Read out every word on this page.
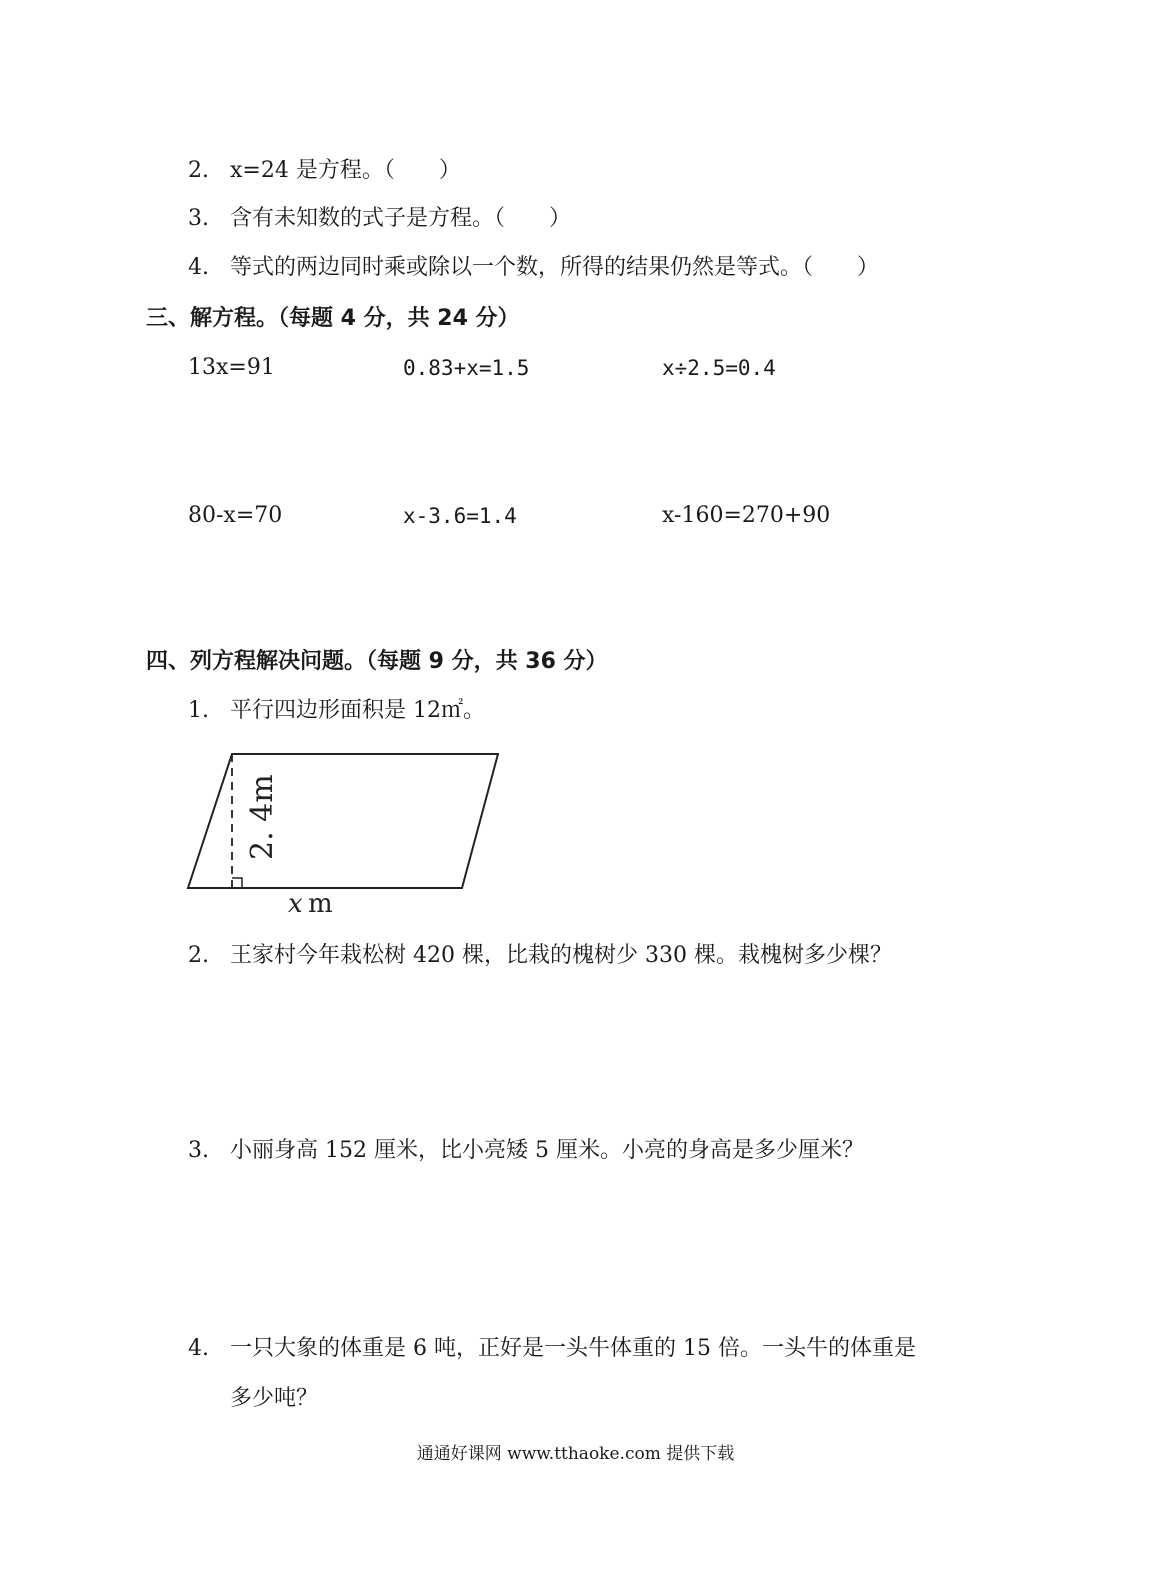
2. x=24 是方程。（　　）
3. 含有未知数的式子是方程。（　　）
4. 等式的两边同时乘或除以一个数，所得的结果仍然是等式。（　　）
三、解方程。（每题 4 分，共 24 分）
13x=91	0.83+x=1.5	x÷2.5=0.4
80-x=70	x-3.6=1.4	x-160=270+90
四、列方程解决问题。（每题 9 分，共 36 分）
1. 平行四边形面积是 12㎡。
2. 4m
x m
2. 王家村今年栽松树 420 棵，比栽的槐树少 330 棵。栽槐树多少棵？
3. 小丽身高 152 厘米，比小亮矮 5 厘米。小亮的身高是多少厘米？
4. 一只大象的体重是 6 吨，正好是一头牛体重的 15 倍。一头牛的体重是
多少吨？
通通好课网 www.tthaoke.com 提供下载
